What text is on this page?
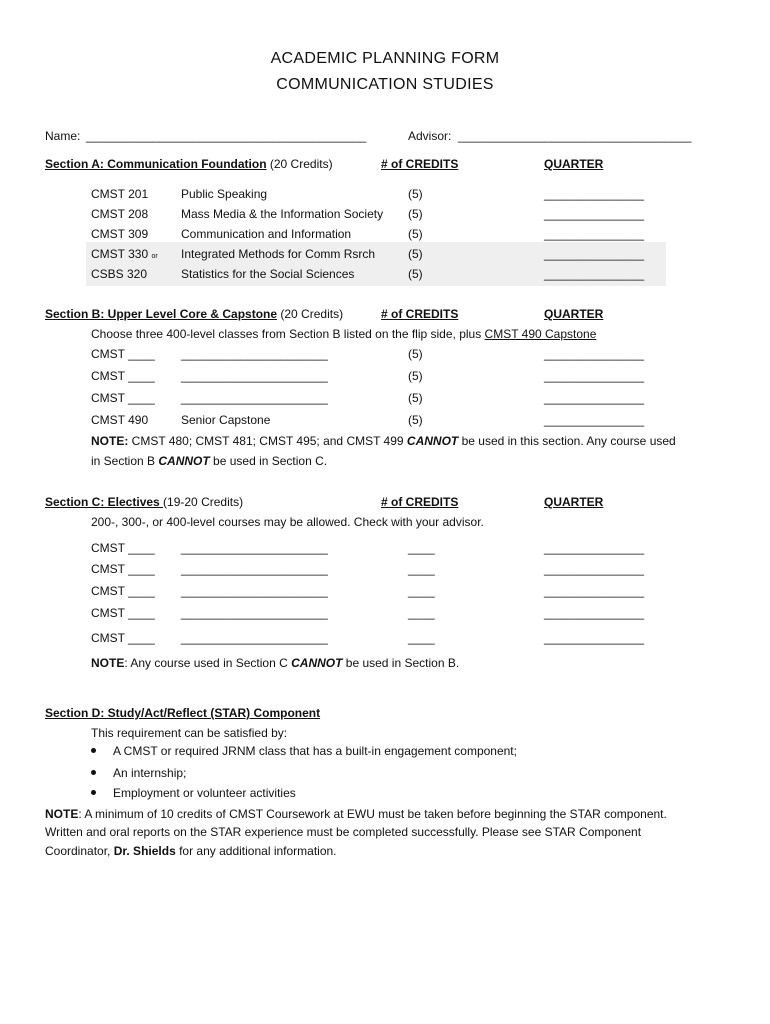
ACADEMIC PLANNING FORM
COMMUNICATION STUDIES
Name: __________________________________________	Advisor: ___________________________________
Section A: Communication Foundation (20 Credits)	# of CREDITS	QUARTER
CMST 201	Public Speaking	(5)	_______________
CMST 208	Mass Media & the Information Society (5)	_______________
CMST 309	Communication and Information	(5)	_______________
CMST 330 or Integrated Methods for Comm Rsrch	(5)	_______________
CSBS 320	Statistics for the Social Sciences	(5)	_______________
Section B: Upper Level Core & Capstone (20 Credits)	# of CREDITS	QUARTER
Choose three 400-level classes from Section B listed on the flip side, plus CMST 490 Capstone
CMST ____ ______________________	(5)	_______________
CMST ____ ______________________	(5)	_______________
CMST ____ ______________________	(5)	_______________
CMST 490	Senior Capstone	(5)	_______________
NOTE: CMST 480; CMST 481; CMST 495; and CMST 499 CANNOT be used in this section. Any course used
in Section B CANNOT be used in Section C.
Section C: Electives (19-20 Credits)	# of CREDITS	QUARTER
200-, 300-, or 400-level courses may be allowed. Check with your advisor.
CMST ____ ______________________	____	_______________
CMST ____ ______________________	____	_______________
CMST ____ ______________________	____	_______________
CMST ____ ______________________	____	_______________
CMST ____ ______________________	____	_______________
NOTE: Any course used in Section C CANNOT be used in Section B.
Section D: Study/Act/Reflect (STAR) Component
This requirement can be satisfied by:
A CMST or required JRNM class that has a built-in engagement component;
An internship;
Employment or volunteer activities
NOTE: A minimum of 10 credits of CMST Coursework at EWU must be taken before beginning the STAR component.
Written and oral reports on the STAR experience must be completed successfully. Please see STAR Component
Coordinator, Dr. Shields for any additional information.
